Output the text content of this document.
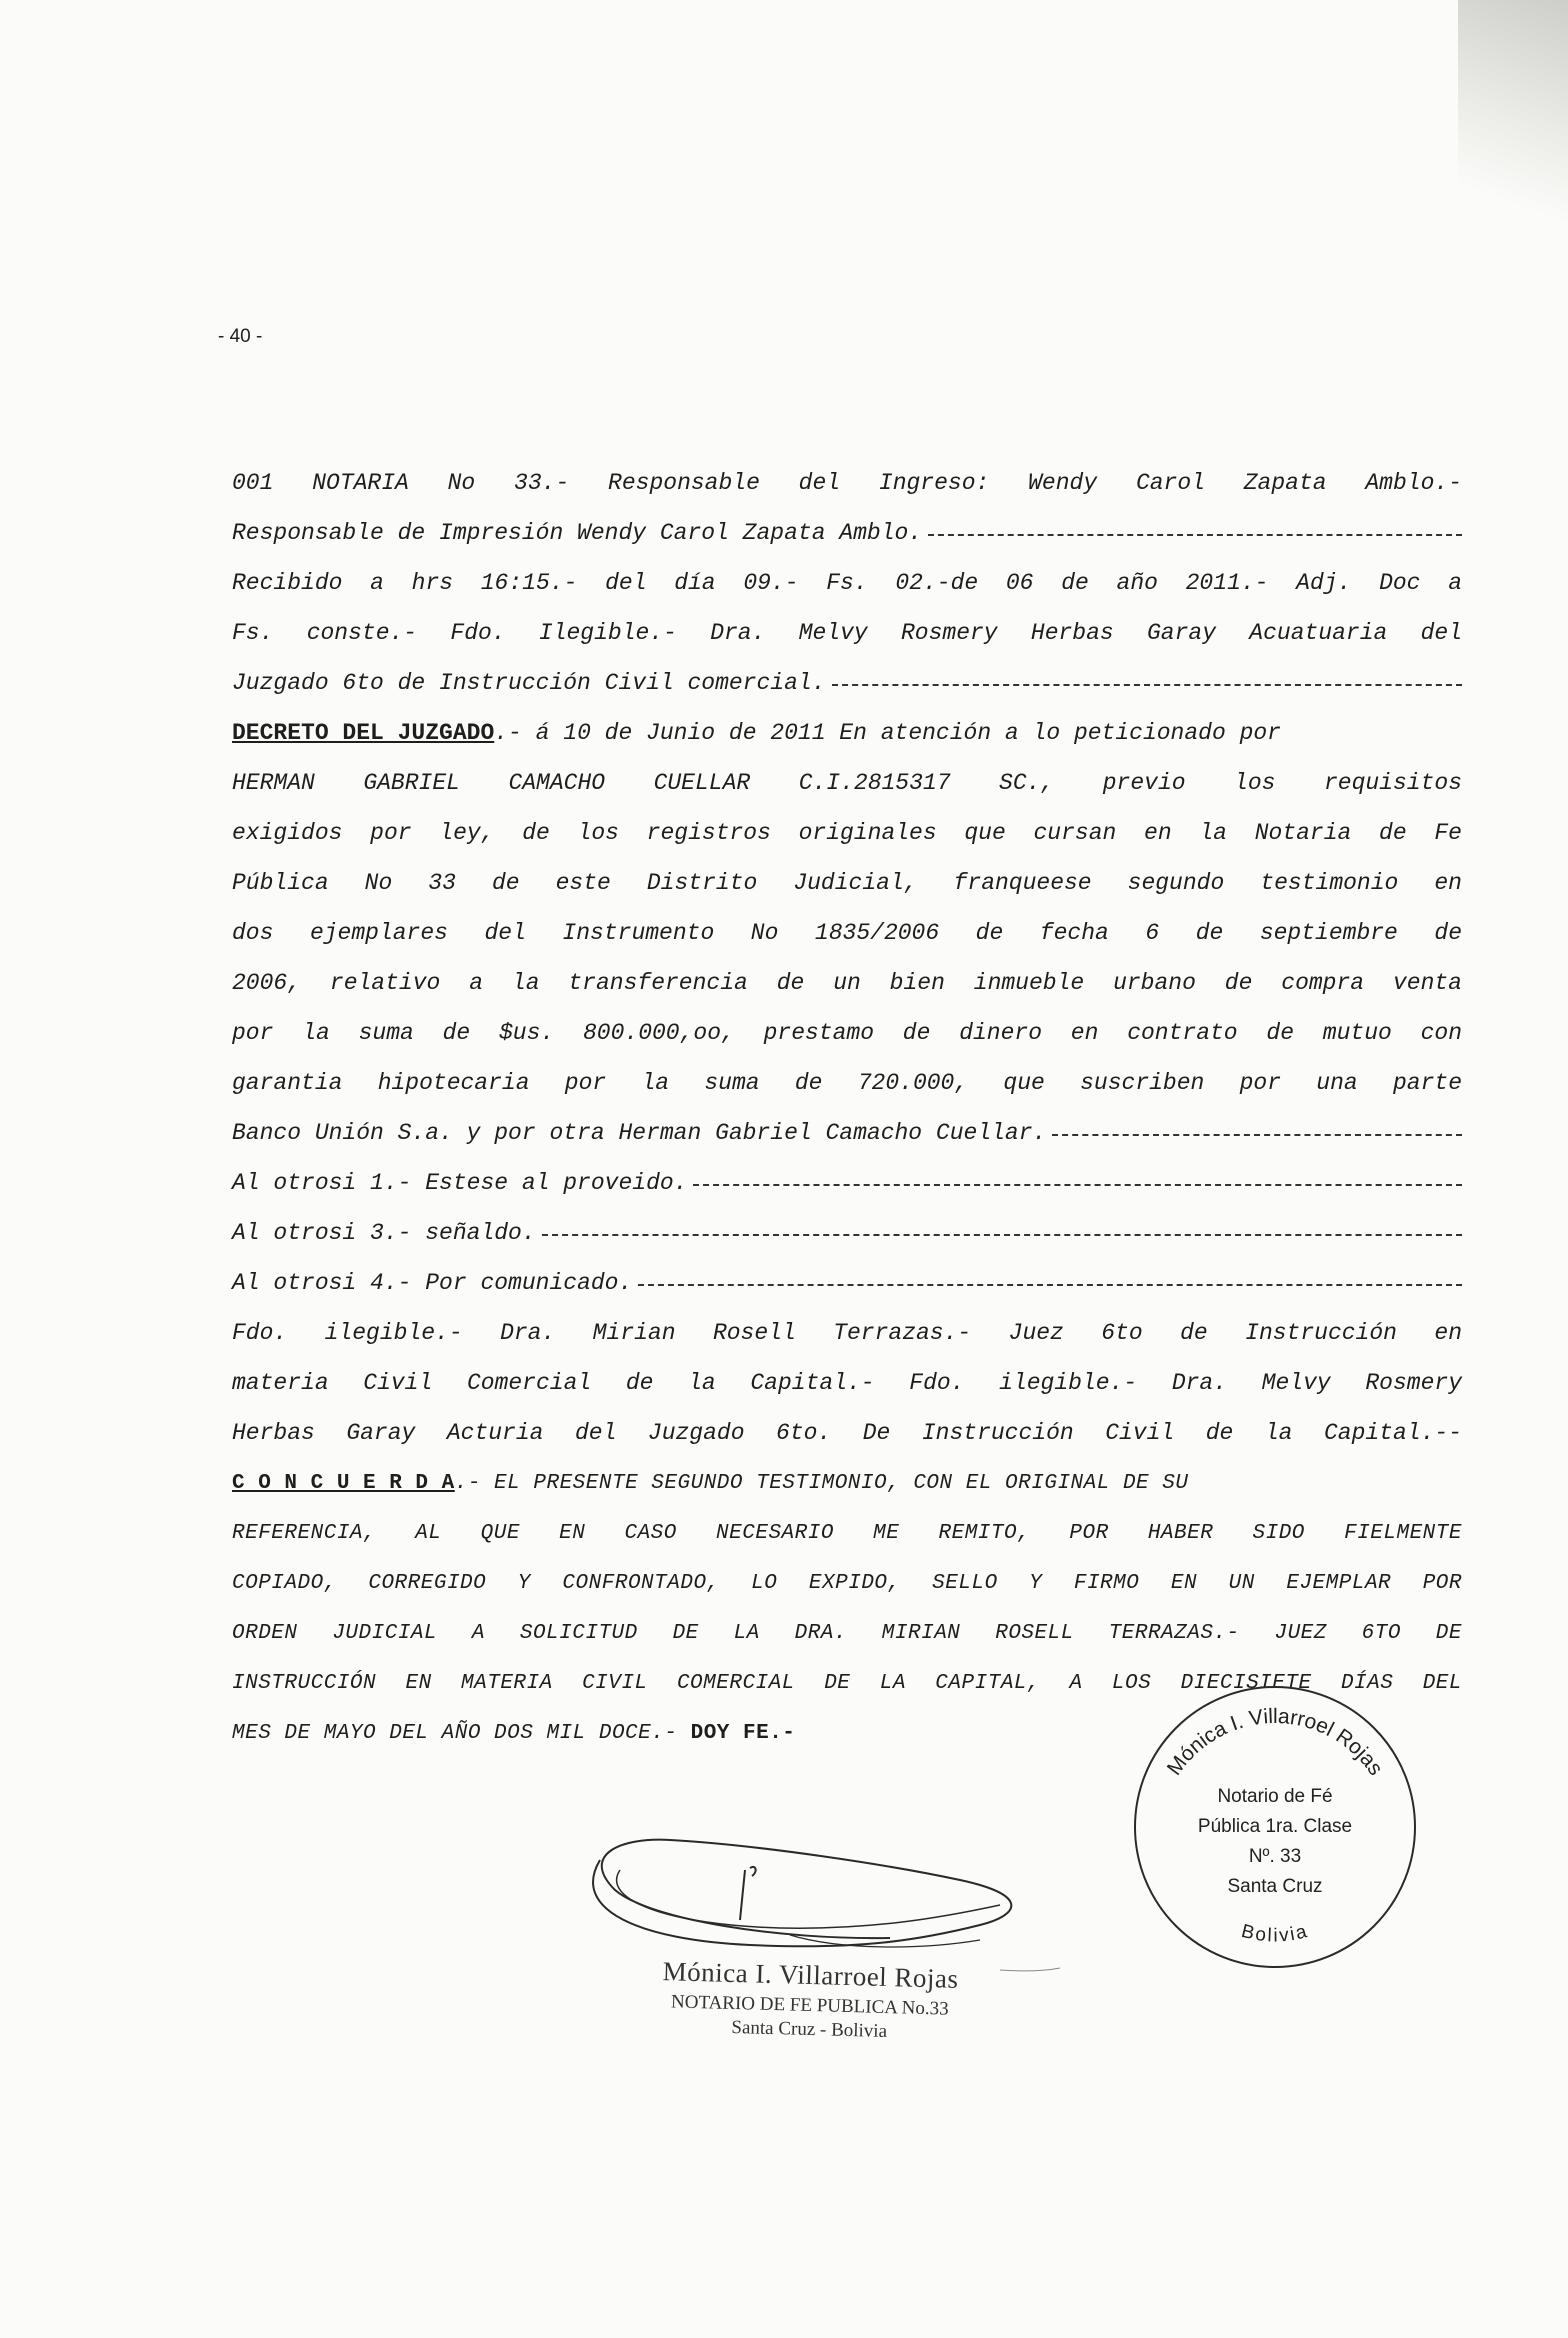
- 40 -
001 NOTARIA No 33.- Responsable del Ingreso: Wendy Carol Zapata Amblo.-
Responsable de Impresión Wendy Carol Zapata Amblo.
Recibido a hrs 16:15.- del día 09.- Fs. 02.-de 06 de año 2011.- Adj. Doc a
Fs. conste.- Fdo. Ilegible.- Dra. Melvy Rosmery Herbas Garay Acuatuaria del
Juzgado 6to de Instrucción Civil comercial.
DECRETO DEL JUZGADO .- á 10 de Junio de 2011 En atención a lo peticionado por
HERMAN GABRIEL CAMACHO CUELLAR C.I.2815317 SC., previo los requisitos
exigidos por ley, de los registros originales que cursan en la Notaria de Fe
Pública No 33 de este Distrito Judicial, franqueese segundo testimonio en
dos ejemplares del Instrumento No 1835/2006 de fecha 6 de septiembre de
2006, relativo a la transferencia de un bien inmueble urbano de compra venta
por la suma de $us. 800.000,oo, prestamo de dinero en contrato de mutuo con
garantia hipotecaria por la suma de 720.000, que suscriben por una parte
Banco Unión S.a. y por otra Herman Gabriel Camacho Cuellar.
Al otrosi 1.- Estese al proveido.
Al otrosi 3.- señaldo.
Al otrosi 4.- Por comunicado.
Fdo. ilegible.- Dra. Mirian Rosell Terrazas.- Juez 6to de Instrucción en
materia Civil Comercial de la Capital.- Fdo. ilegible.- Dra. Melvy Rosmery
Herbas Garay Acturia del Juzgado 6to. De Instrucción Civil de la Capital.--
C O N C U E R D A .- EL PRESENTE SEGUNDO TESTIMONIO, CON EL ORIGINAL DE SU
REFERENCIA, AL QUE EN CASO NECESARIO ME REMITO, POR HABER SIDO FIELMENTE
COPIADO, CORREGIDO Y CONFRONTADO, LO EXPIDO, SELLO Y FIRMO EN UN EJEMPLAR POR
ORDEN JUDICIAL A SOLICITUD DE LA DRA. MIRIAN ROSELL TERRAZAS.- JUEZ 6TO DE
INSTRUCCIÓN EN MATERIA CIVIL COMERCIAL DE LA CAPITAL, A LOS DIECISIETE DÍAS DEL
MES DE MAYO DEL AÑO DOS MIL DOCE.-
DOY FE.-
Mónica I. Villarroel Rojas
Bolivia
Notario de Fé
Pública 1ra. Clase
Nº. 33
Santa Cruz
Mónica I. Villarroel Rojas
NOTARIO DE FE PUBLICA No.33
Santa Cruz - Bolivia
